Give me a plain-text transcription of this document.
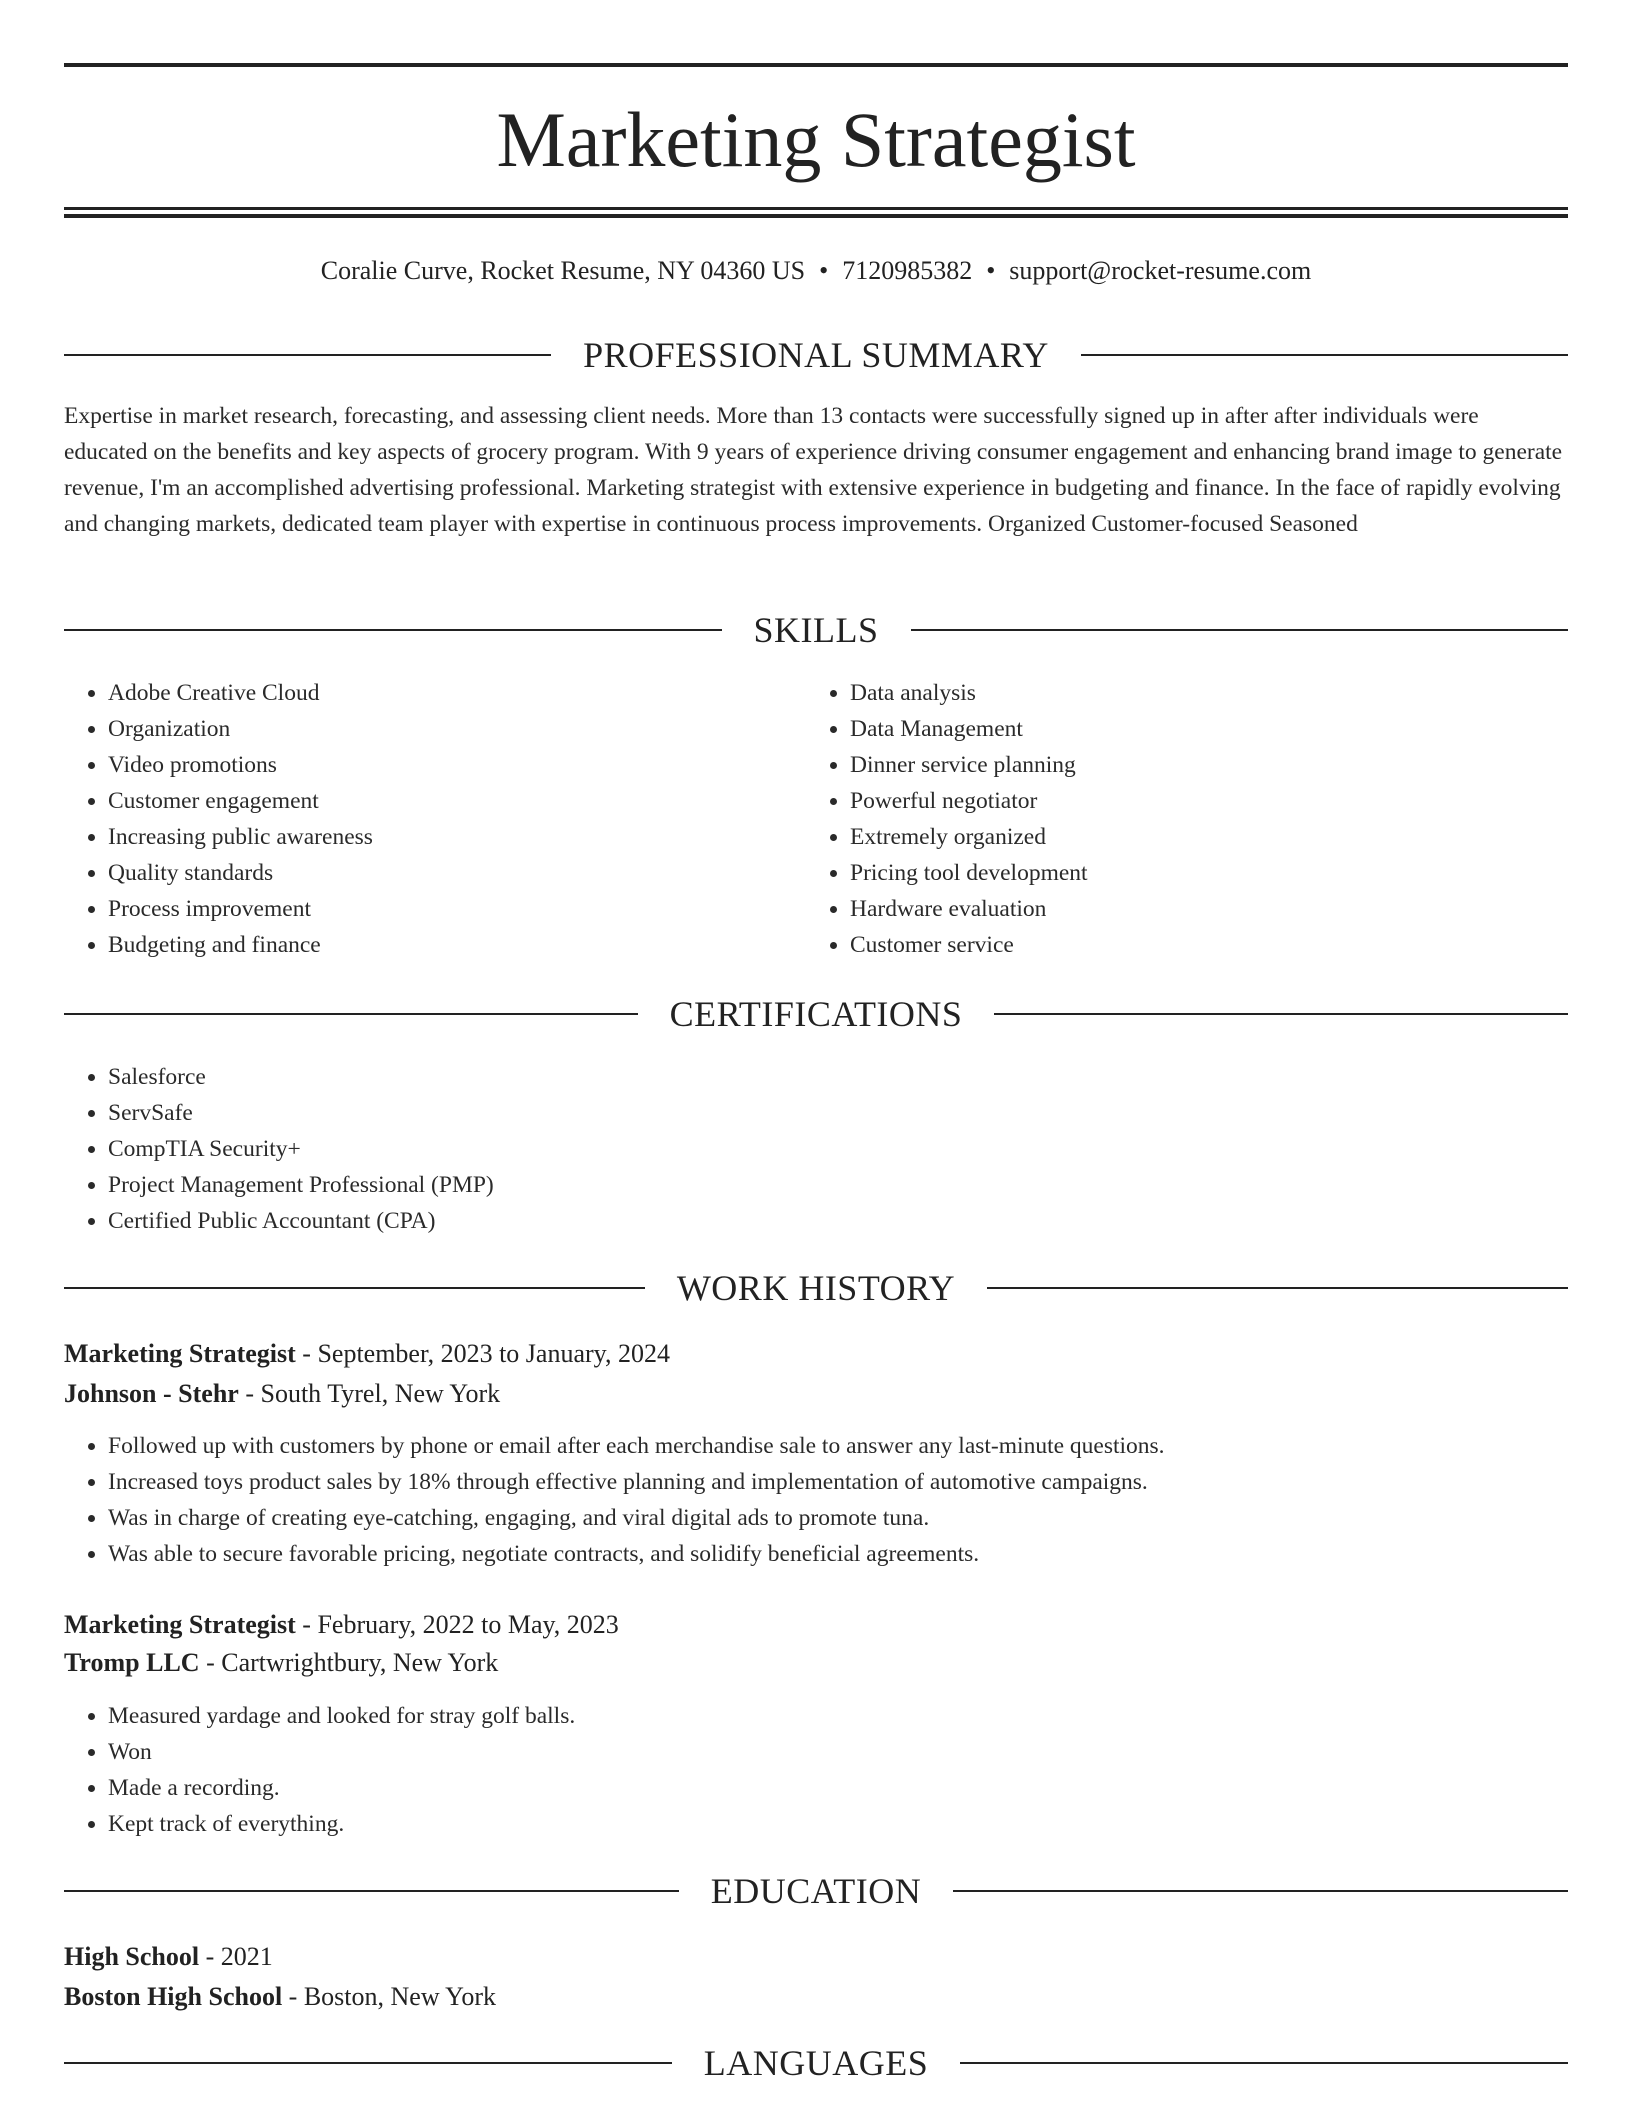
Marketing Strategist
Coralie Curve, Rocket Resume, NY 04360 US • 7120985382 • support@rocket-resume.com
PROFESSIONAL SUMMARY
Expertise in market research, forecasting, and assessing client needs. More than 13 contacts were successfully signed up in after after individuals were educated on the benefits and key aspects of grocery program. With 9 years of experience driving consumer engagement and enhancing brand image to generate revenue, I'm an accomplished advertising professional. Marketing strategist with extensive experience in budgeting and finance. In the face of rapidly evolving and changing markets, dedicated team player with expertise in continuous process improvements. Organized Customer-focused Seasoned
SKILLS
• Adobe Creative Cloud
• Organization
• Video promotions
• Customer engagement
• Increasing public awareness
• Quality standards
• Process improvement
• Budgeting and finance
• Data analysis
• Data Management
• Dinner service planning
• Powerful negotiator
• Extremely organized
• Pricing tool development
• Hardware evaluation
• Customer service
CERTIFICATIONS
• Salesforce
• ServSafe
• CompTIA Security+
• Project Management Professional (PMP)
• Certified Public Accountant (CPA)
WORK HISTORY
Marketing Strategist - September, 2023 to January, 2024
Johnson - Stehr - South Tyrel, New York
• Followed up with customers by phone or email after each merchandise sale to answer any last-minute questions.
• Increased toys product sales by 18% through effective planning and implementation of automotive campaigns.
• Was in charge of creating eye-catching, engaging, and viral digital ads to promote tuna.
• Was able to secure favorable pricing, negotiate contracts, and solidify beneficial agreements.
Marketing Strategist - February, 2022 to May, 2023
Tromp LLC - Cartwrightbury, New York
• Measured yardage and looked for stray golf balls.
• Won
• Made a recording.
• Kept track of everything.
EDUCATION
High School - 2021
Boston High School - Boston, New York
LANGUAGES
